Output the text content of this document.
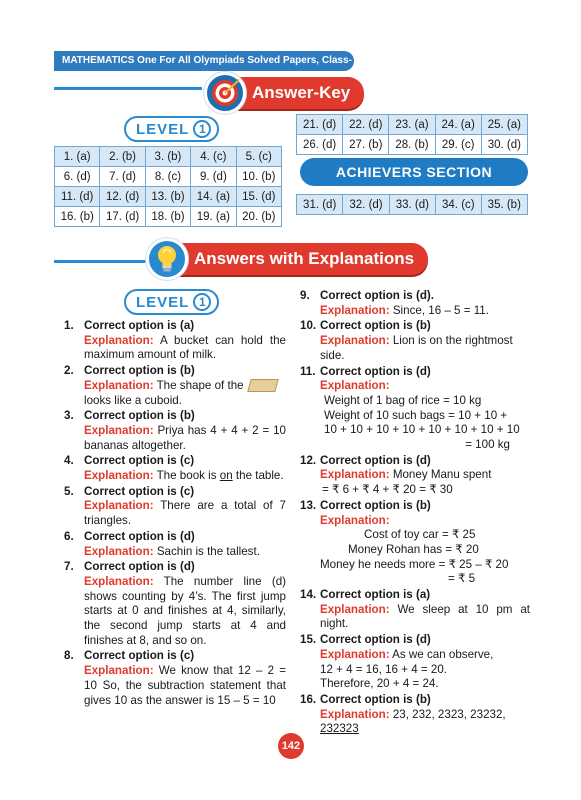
MATHEMATICS One For All Olympiads Solved Papers, Class-1
Answer-Key
LEVEL 1
1. (a)	2. (b)	3. (b)	4. (c)	5. (c)
6. (d)	7. (d)	8. (c)	9. (d)	10. (b)
11. (d)	12. (d)	13. (b)	14. (a)	15. (d)
16. (b)	17. (d)	18. (b)	19. (a)	20. (b)
21. (d)	22. (d)	23. (a)	24. (a)	25. (a)
26. (d)	27. (b)	28. (b)	29. (c)	30. (d)
ACHIEVERS SECTION
31. (d)	32. (d)	33. (d)	34. (c)	35. (b)
Answers with Explanations
LEVEL 1
1. Correct option is (a)
Explanation: A bucket can hold the maximum amount of milk.
2. Correct option is (b)
Explanation: The shape of the  looks like a cuboid.
3. Correct option is (b)
Explanation: Priya has 4 + 4 + 2 = 10 bananas altogether.
4. Correct option is (c)
Explanation: The book is on the table.
5. Correct option is (c)
Explanation: There are a total of 7 triangles.
6. Correct option is (d)
Explanation: Sachin is the tallest.
7. Correct option is (d)
Explanation: The number line (d) shows counting by 4’s. The first jump starts at 0 and finishes at 4, similarly, the second jump starts at 4 and finishes at 8, and so on.
8. Correct option is (c)
Explanation: We know that 12 – 2 = 10 So, the subtraction statement that gives 10 as the answer is 15 – 5 = 10
9. Correct option is (d).
Explanation: Since, 16 – 5 = 11.
10. Correct option is (b)
Explanation: Lion is on the rightmost side.
11. Correct option is (d)
Explanation:
Weight of 1 bag of rice = 10 kg
Weight of 10 such bags = 10 + 10 +
10 + 10 + 10 + 10 + 10 + 10 + 10 + 10
= 100 kg
12. Correct option is (d)
Explanation: Money Manu spent
= ₹ 6 + ₹ 4 + ₹ 20 = ₹ 30
13. Correct option is (b)
Explanation:
Cost of toy car = ₹ 25
Money Rohan has = ₹ 20
Money he needs more = ₹ 25 – ₹ 20
= ₹ 5
14. Correct option is (a)
Explanation: We sleep at 10 pm at night.
15. Correct option is (d)
Explanation: As we can observe,
12 + 4 = 16, 16 + 4 = 20.
Therefore, 20 + 4 = 24.
16. Correct option is (b)
Explanation: 23, 232, 2323, 23232,
232323
142
